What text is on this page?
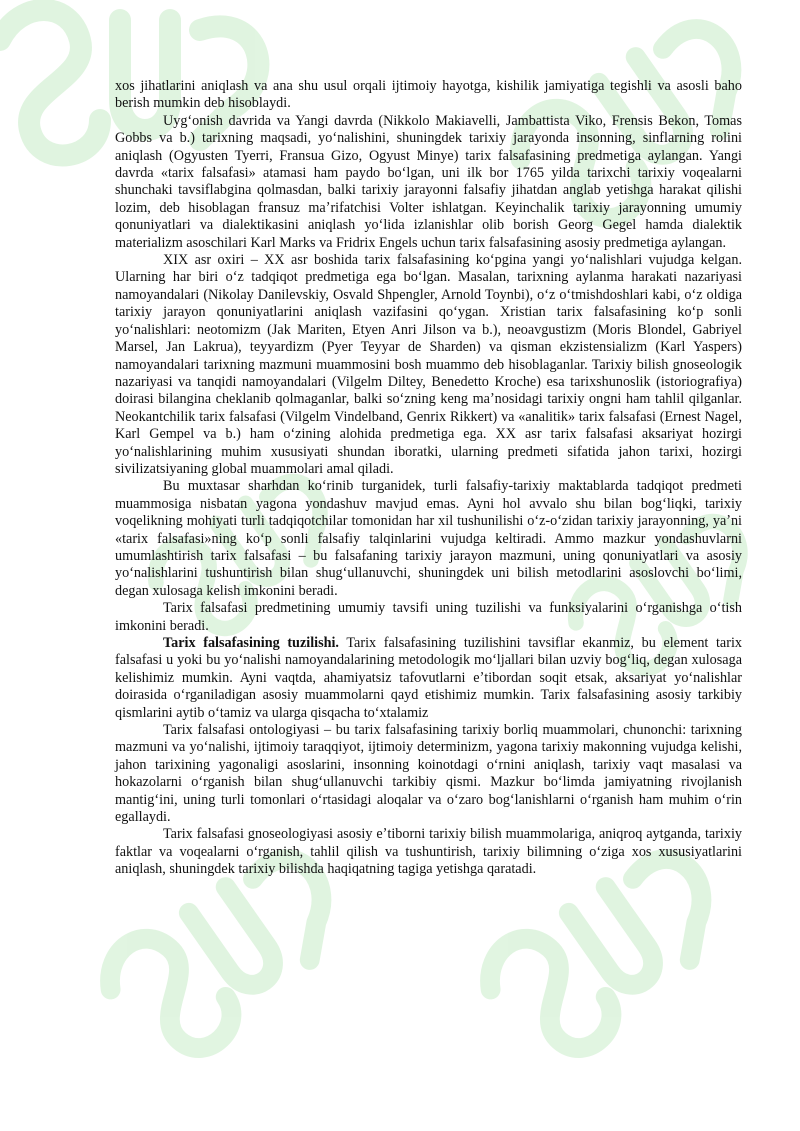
xos jihatlarini aniqlash va ana shu usul orqali ijtimoiy hayotga, kishilik jamiyatiga tegishli va asosli baho berish mumkin deb hisoblaydi.

Uygʻonish davrida va Yangi davrda (Nikkolo Makiavelli, Jambattista Viko, Frensis Bekon, Tomas Gobbs va b.) tarixning maqsadi, yoʻnalishini, shuningdek tarixiy jarayonda insonning, sinflarning rolini aniqlash (Ogyusten Tyerri, Fransua Gizo, Ogyust Minye) tarix falsafasining predmetiga aylangan. Yangi davrda «tarix falsafasi» atamasi ham paydo boʻlgan, uni ilk bor 1765 yilda tarixchi tarixiy voqealarni shunchaki tavsiflabgina qolmasdan, balki tarixiy jarayonni falsafiy jihatdan anglab yetishga harakat qilishi lozim, deb hisoblagan fransuz maʼrifatchisi Volter ishlatgan. Keyinchalik tarixiy jarayonning umumiy qonuniyatlari va dialektikasini aniqlash yoʻlida izlanishlar olib borish Georg Gegel hamda dialektik materializm asoschilari Karl Marks va Fridrix Engels uchun tarix falsafasining asosiy predmetiga aylangan.

XIX asr oxiri – XX asr boshida tarix falsafasining koʻpgina yangi yoʻnalishlari vujudga kelgan. Ularning har biri oʻz tadqiqot predmetiga ega boʻlgan. Masalan, tarixning aylanma harakati nazariyasi namoyandalari (Nikolay Danilevskiy, Osvald Shpengler, Arnold Toynbi), oʻz oʻtmishdoshlari kabi, oʻz oldiga tarixiy jarayon qonuniyatlarini aniqlash vazifasini qoʻygan. Xristian tarix falsafasining koʻp sonli yoʻnalishlari: neotomizm (Jak Mariten, Etyen Anri Jilson va b.), neoavgustizm (Moris Blondel, Gabriyel Marsel, Jan Lakrua), teyyardizm (Pyer Teyyar de Sharden) va qisman ekzistensializm (Karl Yaspers) namoyandalari tarixning mazmuni muammosini bosh muammo deb hisoblaganlar. Tarixiy bilish gnoseologik nazariyasi va tanqidi namoyandalari (Vilgelm Diltey, Benedetto Kroche) esa tarixshunoslik (istoriografiya) doirasi bilangina cheklanib qolmaganlar, balki soʻzning keng maʼnosidagi tarixiy ongni ham tahlil qilganlar. Neokantchilik tarix falsafasi (Vilgelm Vindelband, Genrix Rikkert) va «analitik» tarix falsafasi (Ernest Nagel, Karl Gempel va b.) ham oʻzining alohida predmetiga ega. XX asr tarix falsafasi aksariyat hozirgi yoʻnalishlarining muhim xususiyati shundan iboratki, ularning predmeti sifatida jahon tarixi, hozirgi sivilizatsiyaning global muammolari amal qiladi.

Bu muxtasar sharhdan koʻrinib turganidek, turli falsafiy-tarixiy maktablarda tadqiqot predmeti muammosiga nisbatan yagona yondashuv mavjud emas. Ayni hol avvalo shu bilan bogʻliqki, tarixiy voqelikning mohiyati turli tadqiqotchilar tomonidan har xil tushunilishi oʻz-oʻzidan tarixiy jarayonning, yaʼni «tarix falsafasi»ning koʻp sonli falsafiy talqinlarini vujudga keltiradi. Ammo mazkur yondashuvlarni umumlashtirish tarix falsafasi – bu falsafaning tarixiy jarayon mazmuni, uning qonuniyatlari va asosiy yoʻnalishlarini tushuntirish bilan shugʻullanuvchi, shuningdek uni bilish metodlarini asoslovchi boʻlimi, degan xulosaga kelish imkonini beradi.

Tarix falsafasi predmetining umumiy tavsifi uning tuzilishi va funksiyalarini oʻrganishga oʻtish imkonini beradi.

Tarix falsafasining tuzilishi. Tarix falsafasining tuzilishini tavsiflar ekanmiz, bu element tarix falsafasi u yoki bu yoʻnalishi namoyandalarining metodologik moʻljallari bilan uzviy bogʻliq, degan xulosaga kelishimiz mumkin. Ayni vaqtda, ahamiyatsiz tafovutlarni eʼtibordan soqit etsak, aksariyat yoʻnalishlar doirasida oʻrganiladigan asosiy muammolarni qayd etishimiz mumkin. Tarix falsafasining asosiy tarkibiy qismlarini aytib oʻtamiz va ularga qisqacha toʻxtalamiz

Tarix falsafasi ontologiyasi – bu tarix falsafasining tarixiy borliq muammolari, chunonchi: tarixning mazmuni va yoʻnalishi, ijtimoiy taraqqiyot, ijtimoiy determinizm, yagona tarixiy makonning vujudga kelishi, jahon tarixining yagonaligi asoslarini, insonning koinotdagi oʻrnini aniqlash, tarixiy vaqt masalasi va hokazolarni oʻrganish bilan shugʻullanuvchi tarkibiy qismi. Mazkur boʻlimda jamiyatning rivojlanish mantigʻini, uning turli tomonlari oʻrtasidagi aloqalar va oʻzaro bogʻlanishlarni oʻrganish ham muhim oʻrin egallaydi.

Tarix falsafasi gnoseologiyasi asosiy eʼtiborni tarixiy bilish muammolariga, aniqroq aytganda, tarixiy faktlar va voqealarni oʻrganish, tahlil qilish va tushuntirish, tarixiy bilimning oʻziga xos xususiyatlarini aniqlash, shuningdek tarixiy bilishda haqiqatning tagiga yetishga qaratadi.
